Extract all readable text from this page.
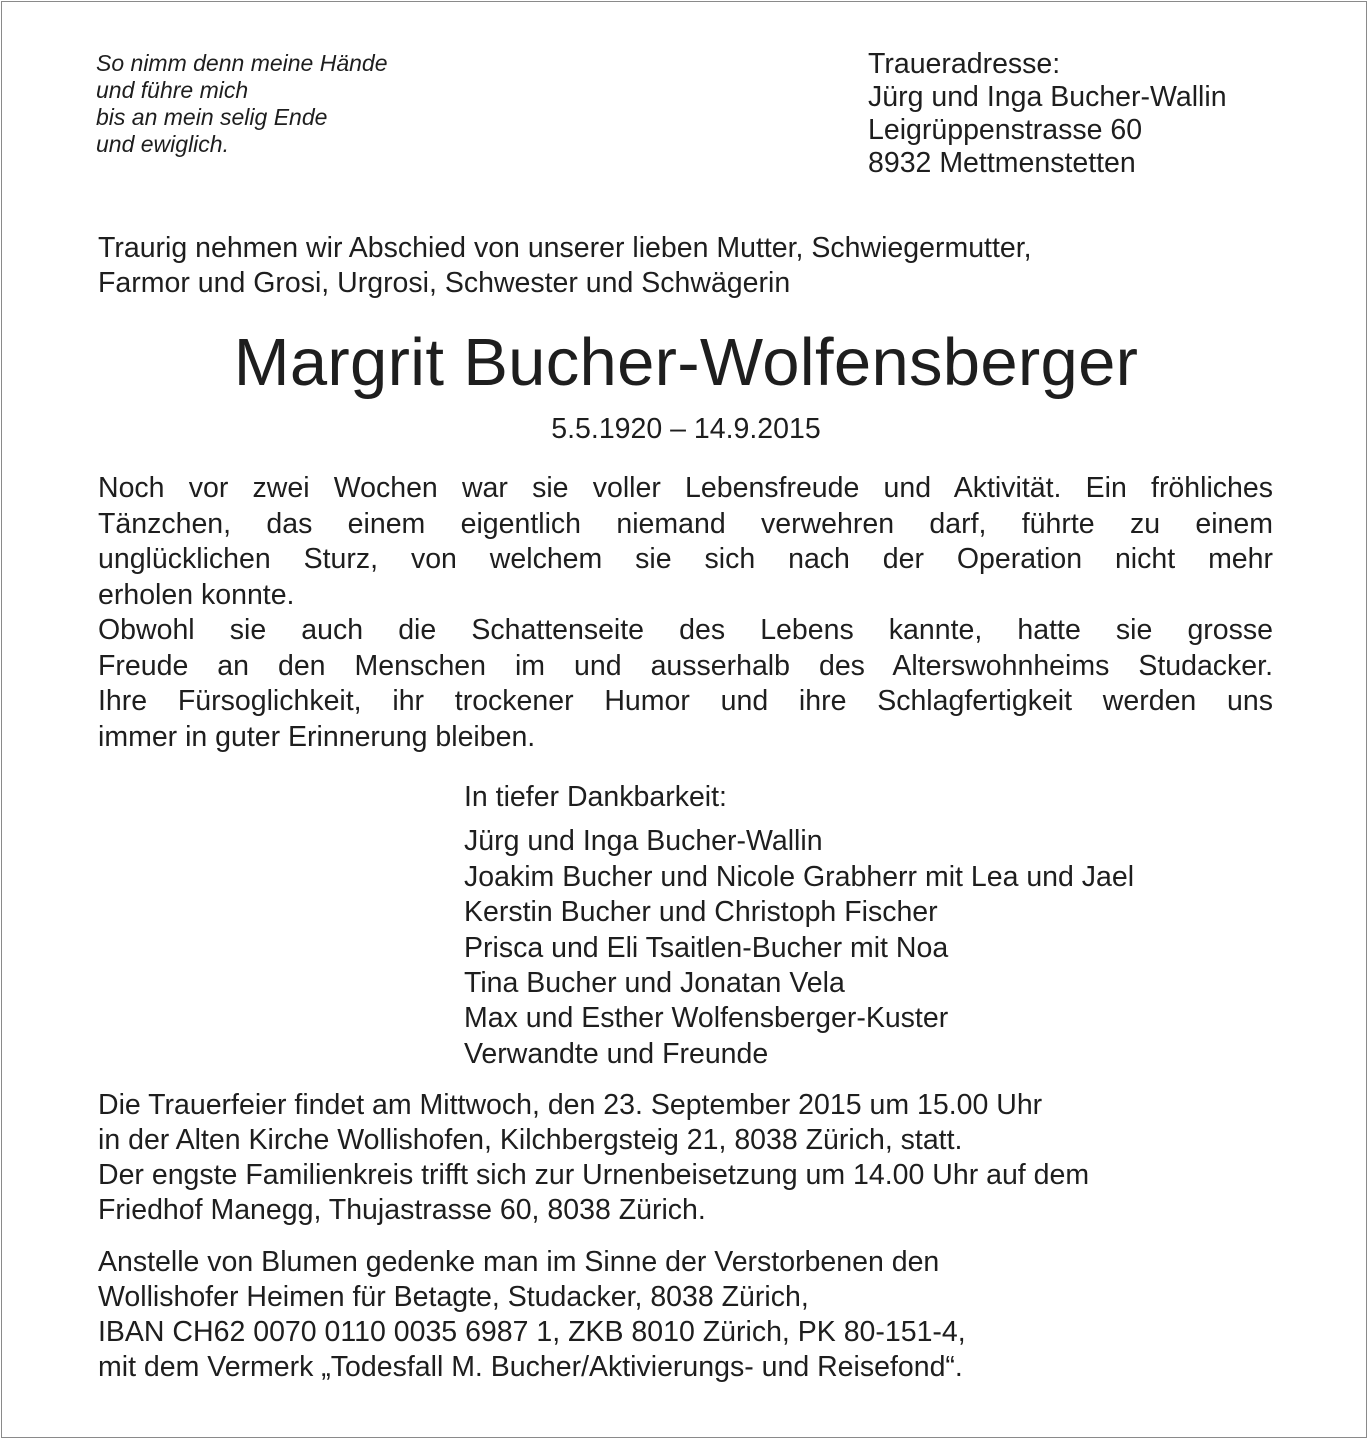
So nimm denn meine Hände
und führe mich
bis an mein selig Ende
und ewiglich.
Traueradresse:
Jürg und Inga Bucher-Wallin
Leigrüppenstrasse 60
8932 Mettmenstetten
Traurig nehmen wir Abschied von unserer lieben Mutter, Schwiegermutter,
Farmor und Grosi, Urgrosi, Schwester und Schwägerin
Margrit Bucher-Wolfensberger
5.5.1920 – 14.9.2015
Noch vor zwei Wochen war sie voller Lebensfreude und Aktivität. Ein fröhliches
Tänzchen, das einem eigentlich niemand verwehren darf, führte zu einem
unglücklichen Sturz, von welchem sie sich nach der Operation nicht mehr
erholen konnte.
Obwohl sie auch die Schattenseite des Lebens kannte, hatte sie grosse
Freude an den Menschen im und ausserhalb des Alterswohnheims Studacker.
Ihre Fürsoglichkeit, ihr trockener Humor und ihre Schlagfertigkeit werden uns
immer in guter Erinnerung bleiben.
In tiefer Dankbarkeit:
Jürg und Inga Bucher-Wallin
Joakim Bucher und Nicole Grabherr mit Lea und Jael
Kerstin Bucher und Christoph Fischer
Prisca und Eli Tsaitlen-Bucher mit Noa
Tina Bucher und Jonatan Vela
Max und Esther Wolfensberger-Kuster
Verwandte und Freunde
Die Trauerfeier findet am Mittwoch, den 23. September 2015 um 15.00 Uhr
in der Alten Kirche Wollishofen, Kilchbergsteig 21, 8038 Zürich, statt.
Der engste Familienkreis trifft sich zur Urnenbeisetzung um 14.00 Uhr auf dem
Friedhof Manegg, Thujastrasse 60, 8038 Zürich.
Anstelle von Blumen gedenke man im Sinne der Verstorbenen den
Wollishofer Heimen für Betagte, Studacker, 8038 Zürich,
IBAN CH62 0070 0110 0035 6987 1, ZKB 8010 Zürich, PK 80-151-4,
mit dem Vermerk „Todesfall M. Bucher/Aktivierungs- und Reisefond“.
